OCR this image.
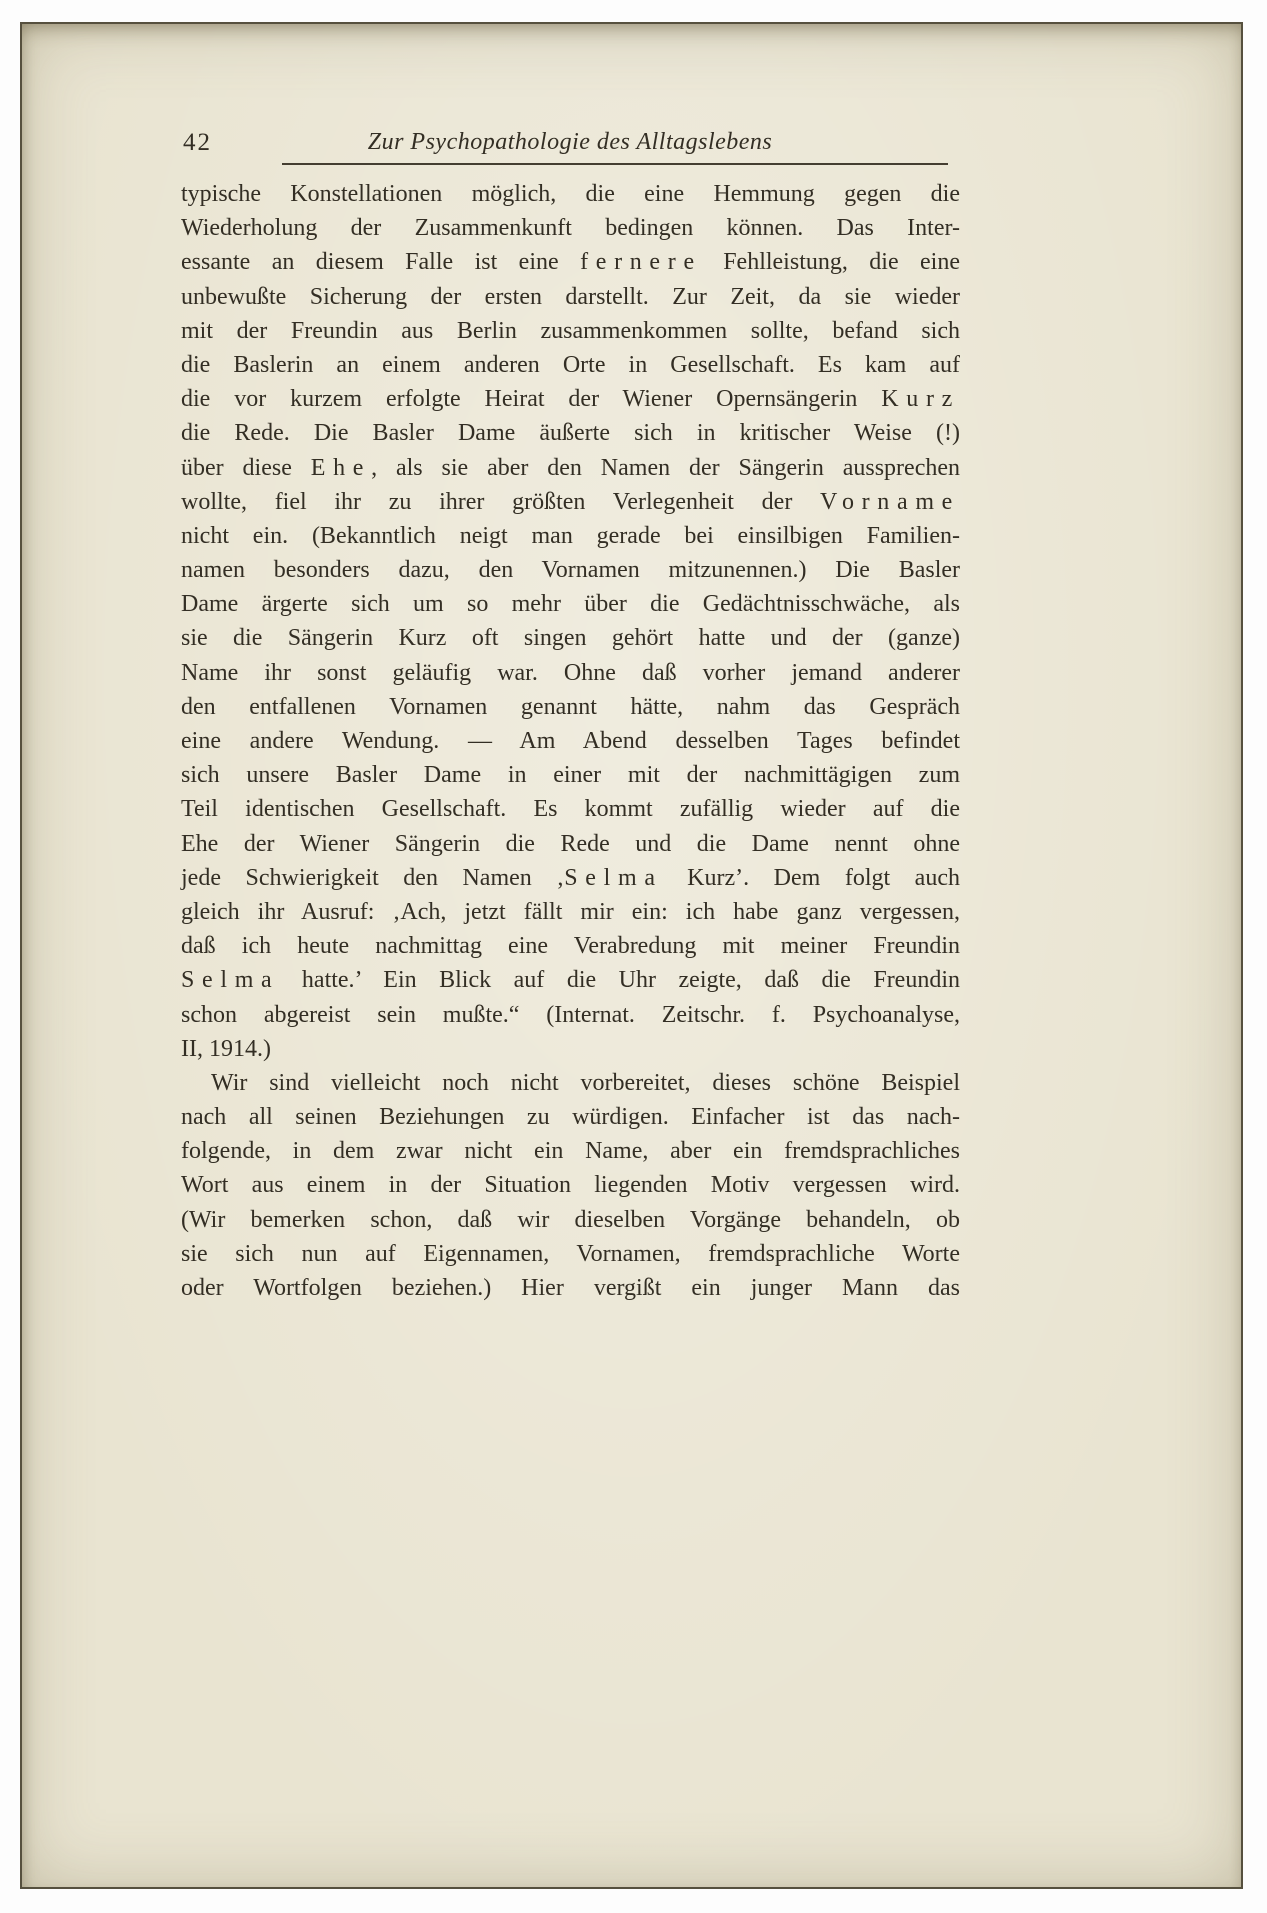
42	Zur Psychopathologie des Alltagslebens
typische Konstellationen möglich, die eine Hemmung gegen die
Wiederholung der Zusammenkunft bedingen können. Das Inter-
essante an diesem Falle ist eine fernere Fehlleistung, die eine
unbewußte Sicherung der ersten darstellt. Zur Zeit, da sie wieder
mit der Freundin aus Berlin zusammenkommen sollte, befand sich
die Baslerin an einem anderen Orte in Gesellschaft. Es kam auf
die vor kurzem erfolgte Heirat der Wiener Opernsängerin Kurz
die Rede. Die Basler Dame äußerte sich in kritischer Weise (!)
über diese Ehe, als sie aber den Namen der Sängerin aussprechen
wollte, fiel ihr zu ihrer größten Verlegenheit der Vorname
nicht ein. (Bekanntlich neigt man gerade bei einsilbigen Familien-
namen besonders dazu, den Vornamen mitzunennen.) Die Basler
Dame ärgerte sich um so mehr über die Gedächtnisschwäche, als
sie die Sängerin Kurz oft singen gehört hatte und der (ganze)
Name ihr sonst geläufig war. Ohne daß vorher jemand anderer
den entfallenen Vornamen genannt hätte, nahm das Gespräch
eine andere Wendung. — Am Abend desselben Tages befindet
sich unsere Basler Dame in einer mit der nachmittägigen zum
Teil identischen Gesellschaft. Es kommt zufällig wieder auf die
Ehe der Wiener Sängerin die Rede und die Dame nennt ohne
jede Schwierigkeit den Namen ‚Selma Kurz’. Dem folgt auch
gleich ihr Ausruf: ‚Ach, jetzt fällt mir ein: ich habe ganz vergessen,
daß ich heute nachmittag eine Verabredung mit meiner Freundin
Selma hatte.’ Ein Blick auf die Uhr zeigte, daß die Freundin
schon abgereist sein mußte.“ (Internat. Zeitschr. f. Psychoanalyse,
II, 1914.)
Wir sind vielleicht noch nicht vorbereitet, dieses schöne Beispiel
nach all seinen Beziehungen zu würdigen. Einfacher ist das nach-
folgende, in dem zwar nicht ein Name, aber ein fremdsprachliches
Wort aus einem in der Situation liegenden Motiv vergessen wird.
(Wir bemerken schon, daß wir dieselben Vorgänge behandeln, ob
sie sich nun auf Eigennamen, Vornamen, fremdsprachliche Worte
oder Wortfolgen beziehen.) Hier vergißt ein junger Mann das
